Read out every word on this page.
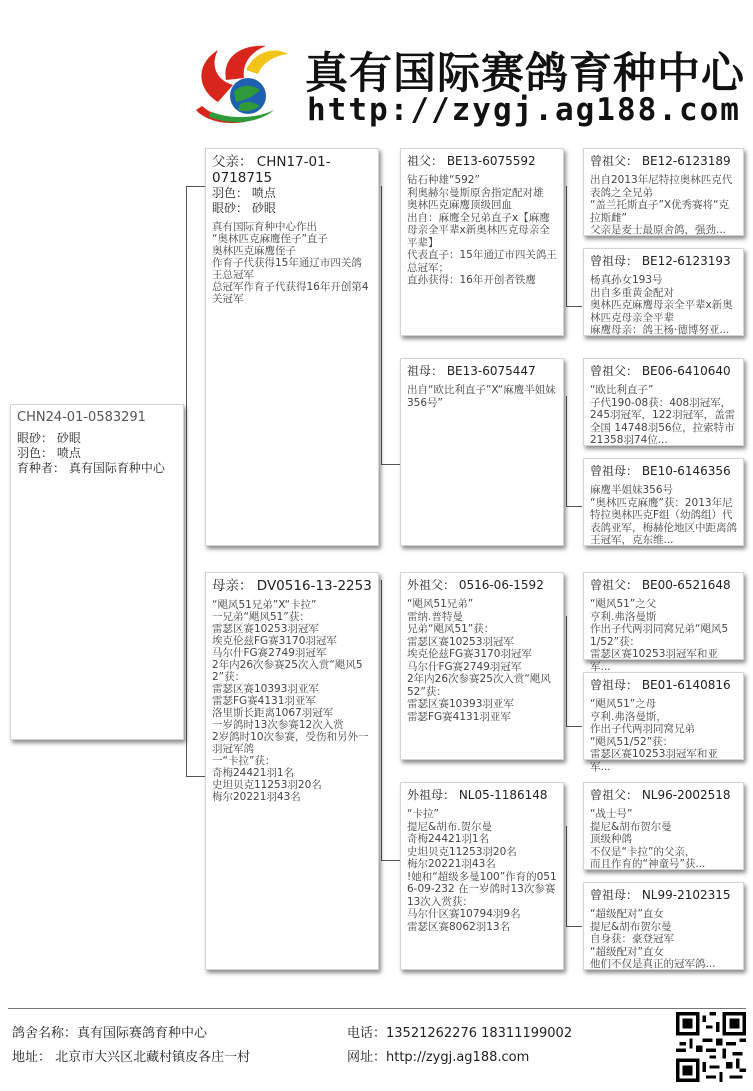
真有国际赛鸽育种中心
http://zygj.ag188.com
CHN24-01-0583291
眼砂： 砂眼
羽色： 喷点
育种者： 真有国际育种中心
父亲： CHN17-01-0718715
羽色： 喷点
眼砂： 砂眼
真有国际育种中心作出
“奥林匹克麻鹰侄子”直子
奥林匹克麻鹰侄子
作育子代获得15年通辽市四关鸽王总冠军
总冠军作育子代获得16年开创第4关冠军
母亲： DV0516-13-2253
“飓风51兄弟”X“卡拉”
一兄弟“飓风51”获：
雷瑟区赛10253羽冠军
埃克伦兹FG赛3170羽冠军
马尔什FG赛2749羽冠军
2年内26次参赛25次入赏“飓风52”获：
雷瑟区赛10393羽亚军
雷瑟FG赛4131羽亚军
洛里斯长距离1067羽冠军
一岁鸽时13次参赛12次入赏
2岁鸽时10次参赛，受伤和另外一羽冠军鸽
一“卡拉”获：
奇梅24421羽1名
史坦贝克11253羽20名
梅尔20221羽43名
祖父： BE13-6075592
钻石种雄“592”
利奥赫尔曼斯原舍指定配对雄
奥林匹克麻鹰顶级回血
出自：麻鹰全兄弟直子x【麻鹰母亲全平辈x新奥林匹克母亲全平辈】
代表直子：15年通辽市四关鸽王总冠军；
直孙获得：16年开创者铁鹰
祖母： BE13-6075447
出自“欧比利直子”X“麻鹰半姐妹356号”
外祖父： 0516-06-1592
“飓风51兄弟”
雷纳.普特曼
兄弟“飓风51”获：
雷瑟区赛10253羽冠军
埃克伦兹FG赛3170羽冠军
马尔什FG赛2749羽冠军
2年内26次参赛25次入赏“飓风52”获：
雷瑟区赛10393羽亚军
雷瑟FG赛4131羽亚军
外祖母： NL05-1186148
“卡拉”
提尼&胡布.贺尔曼
奇梅24421羽1名
史坦贝克11253羽20名
梅尔20221羽43名
!她和“超级多曼100”作育的0516-09-232 在一岁鸽时13次参赛13次入赏获：
马尔什区赛10794羽9名
雷瑟区赛8062羽13名
曾祖父： BE12-6123189
出自2013年尼特拉奥林匹克代表鸽之全兄弟
“盖兰托斯直子”X优秀赛将“克拉斯雌”
父亲是麦士最原舍鸽，强劲...
曾祖母： BE12-6123193
杨真孙女193号
出自多重黄金配对
奥林匹克麻鹰母亲全平辈x新奥林匹克母亲全平辈
麻鹰母亲：鸽王杨·德博努亚...
曾祖父： BE06-6410640
“欧比利直子”
子代190-08获：408羽冠军，245羽冠军，122羽冠军，盖雷全国 14748羽56位，拉索特市21358羽74位...
曾祖母： BE10-6146356
麻鹰半姐妹356号
“奥林匹克麻鹰”获：2013年尼特拉奥林匹克F组（幼鸽组）代表鸽亚军，梅赫伦地区中距离鸽王冠军，克东维...
曾祖父： BE00-6521648
“飓风51”之父
亨利.弗洛曼斯
作出子代两羽同窝兄弟“飓风51/52”获：
雷瑟区赛10253羽冠军和亚军...
曾祖母： BE01-6140816
“飓风51”之母
亨利.弗洛曼斯，
作出子代两羽同窝兄弟
“飓风51/52”获：
雷瑟区赛10253羽冠军和亚军...
曾祖父： NL96-2002518
“战士号”
提尼&胡布贺尔曼
顶级种鸽
不仅是“卡拉”的父亲，
而且作育的“神童号”获...
曾祖母： NL99-2102315
“超级配对”直女
提尼&胡布贺尔曼
自身获：豪登冠军
“超级配对”直女
他们不仅是真正的冠军鸽...
鸽舍名称：真有国际赛鸽育种中心
地址： 北京市大兴区北藏村镇皮各庄一村
电话：13521262276 18311199002
网址：http://zygj.ag188.com
